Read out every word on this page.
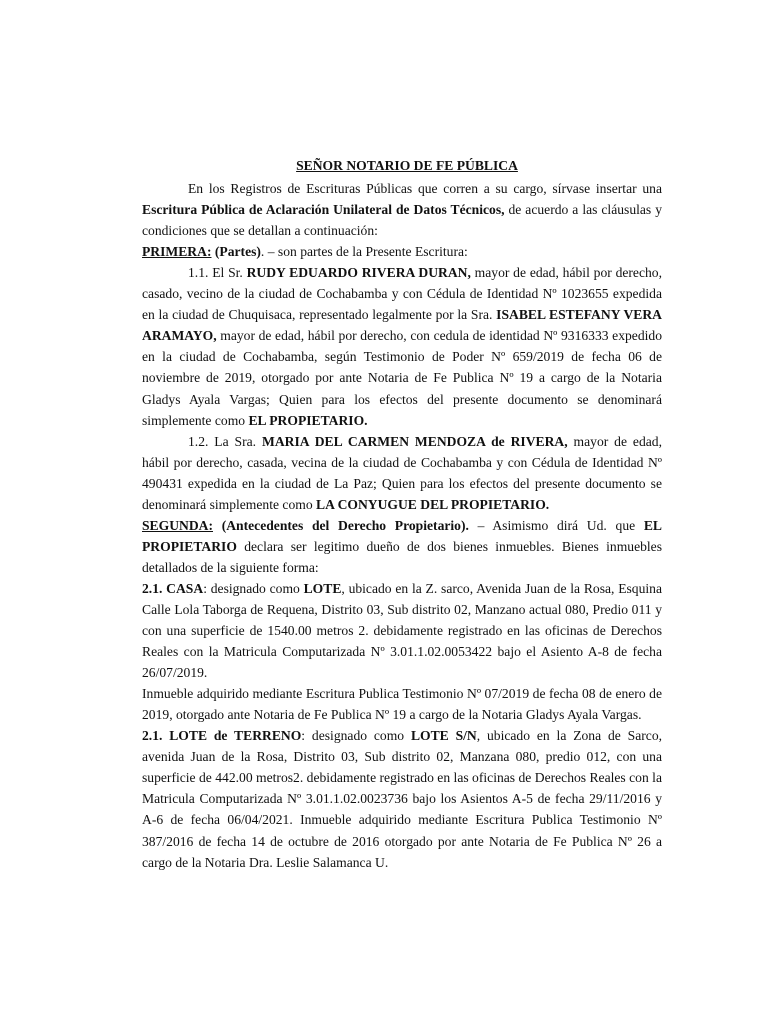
SEÑOR NOTARIO DE FE PÚBLICA

En los Registros de Escrituras Públicas que corren a su cargo, sírvase insertar una Escritura Pública de Aclaración Unilateral de Datos Técnicos, de acuerdo a las cláusulas y condiciones que se detallan a continuación:

PRIMERA: (Partes). – son partes de la Presente Escritura:

1.1. El Sr. RUDY EDUARDO RIVERA DURAN, mayor de edad, hábil por derecho, casado, vecino de la ciudad de Cochabamba y con Cédula de Identidad Nº 1023655 expedida en la ciudad de Chuquisaca, representado legalmente por la Sra. ISABEL ESTEFANY VERA ARAMAYO, mayor de edad, hábil por derecho, con cedula de identidad Nº 9316333 expedido en la ciudad de Cochabamba, según Testimonio de Poder Nº 659/2019 de fecha 06 de noviembre de 2019, otorgado por ante Notaria de Fe Publica Nº 19 a cargo de la Notaria Gladys Ayala Vargas; Quien para los efectos del presente documento se denominará simplemente como EL PROPIETARIO.

1.2. La Sra. MARIA DEL CARMEN MENDOZA de RIVERA, mayor de edad, hábil por derecho, casada, vecina de la ciudad de Cochabamba y con Cédula de Identidad Nº 490431 expedida en la ciudad de La Paz; Quien para los efectos del presente documento se denominará simplemente como LA CONYUGUE DEL PROPIETARIO.

SEGUNDA: (Antecedentes del Derecho Propietario). – Asimismo dirá Ud. que EL PROPIETARIO declara ser legitimo dueño de dos bienes inmuebles. Bienes inmuebles detallados de la siguiente forma:

2.1. CASA: designado como LOTE, ubicado en la Z. sarco, Avenida Juan de la Rosa, Esquina Calle Lola Taborga de Requena, Distrito 03, Sub distrito 02, Manzano actual 080, Predio 011 y con una superficie de 1540.00 metros 2. debidamente registrado en las oficinas de Derechos Reales con la Matricula Computarizada Nº 3.01.1.02.0053422 bajo el Asiento A-8 de fecha 26/07/2019.

Inmueble adquirido mediante Escritura Publica Testimonio Nº 07/2019 de fecha 08 de enero de 2019, otorgado ante Notaria de Fe Publica Nº 19 a cargo de la Notaria Gladys Ayala Vargas.

2.1. LOTE de TERRENO: designado como LOTE S/N, ubicado en la Zona de Sarco, avenida Juan de la Rosa, Distrito 03, Sub distrito 02, Manzana 080, predio 012, con una superficie de 442.00 metros2. debidamente registrado en las oficinas de Derechos Reales con la Matricula Computarizada Nº 3.01.1.02.0023736 bajo los Asientos A-5 de fecha 29/11/2016 y A-6 de fecha 06/04/2021. Inmueble adquirido mediante Escritura Publica Testimonio Nº 387/2016 de fecha 14 de octubre de 2016 otorgado por ante Notaria de Fe Publica Nº 26 a cargo de la Notaria Dra. Leslie Salamanca U.
